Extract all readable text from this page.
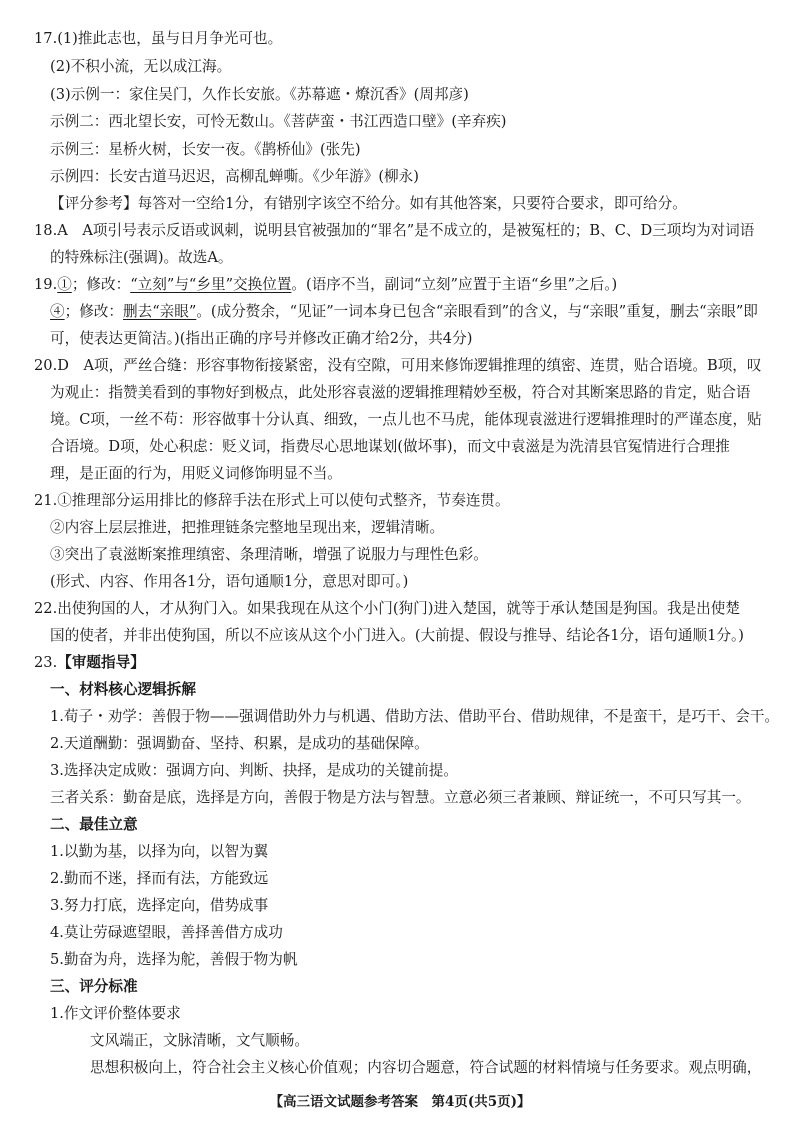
17.(1)推此志也，虽与日月争光可也。
(2)不积小流，无以成江海。
(3)示例一：家住吴门，久作长安旅。《苏幕遮・燎沉香》(周邦彦)
示例二：西北望长安，可怜无数山。《菩萨蛮・书江西造口壁》(辛弃疾)
示例三：星桥火树，长安一夜。《鹊桥仙》(张先)
示例四：长安古道马迟迟，高柳乱蝉嘶。《少年游》(柳永)
【评分参考】每答对一空给1分，有错别字该空不给分。如有其他答案，只要符合要求，即可给分。
18.A　A项引号表示反语或讽刺，说明县官被强加的“罪名”是不成立的，是被冤枉的；B、C、D三项均为对词语
的特殊标注(强调)。故选A。
19.①；修改：“立刻”与“乡里”交换位置。(语序不当，副词“立刻”应置于主语“乡里”之后。)
④；修改：删去“亲眼”。(成分赘余，“见证”一词本身已包含“亲眼看到”的含义，与“亲眼”重复，删去“亲眼”即
可，使表达更简洁。)(指出正确的序号并修改正确才给2分，共4分)
20.D　A项，严丝合缝：形容事物衔接紧密，没有空隙，可用来修饰逻辑推理的缜密、连贯，贴合语境。B项，叹
为观止：指赞美看到的事物好到极点，此处形容袁滋的逻辑推理精妙至极，符合对其断案思路的肯定，贴合语
境。C项，一丝不苟：形容做事十分认真、细致，一点儿也不马虎，能体现袁滋进行逻辑推理时的严谨态度，贴
合语境。D项，处心积虑：贬义词，指费尽心思地谋划(做坏事)，而文中袁滋是为洗清县官冤情进行合理推
理，是正面的行为，用贬义词修饰明显不当。
21.①推理部分运用排比的修辞手法在形式上可以使句式整齐，节奏连贯。
②内容上层层推进，把推理链条完整地呈现出来，逻辑清晰。
③突出了袁滋断案推理缜密、条理清晰，增强了说服力与理性色彩。
(形式、内容、作用各1分，语句通顺1分，意思对即可。)
22.出使狗国的人，才从狗门入。如果我现在从这个小门(狗门)进入楚国，就等于承认楚国是狗国。我是出使楚
国的使者，并非出使狗国，所以不应该从这个小门进入。(大前提、假设与推导、结论各1分，语句通顺1分。)
23.【审题指导】
一、材料核心逻辑拆解
1.荀子・劝学：善假于物——强调借助外力与机遇、借助方法、借助平台、借助规律，不是蛮干，是巧干、会干。
2.天道酬勤：强调勤奋、坚持、积累，是成功的基础保障。
3.选择决定成败：强调方向、判断、抉择，是成功的关键前提。
三者关系：勤奋是底，选择是方向，善假于物是方法与智慧。立意必须三者兼顾、辩证统一，不可只写其一。
二、最佳立意
1.以勤为基，以择为向，以智为翼
2.勤而不迷，择而有法，方能致远
3.努力打底，选择定向，借势成事
4.莫让劳碌遮望眼，善择善借方成功
5.勤奋为舟，选择为舵，善假于物为帆
三、评分标准
1.作文评价整体要求
文风端正，文脉清晰，文气顺畅。
思想积极向上，符合社会主义核心价值观；内容切合题意，符合试题的材料情境与任务要求。观点明确，
【高三语文试题参考答案　第4页(共5页)】
